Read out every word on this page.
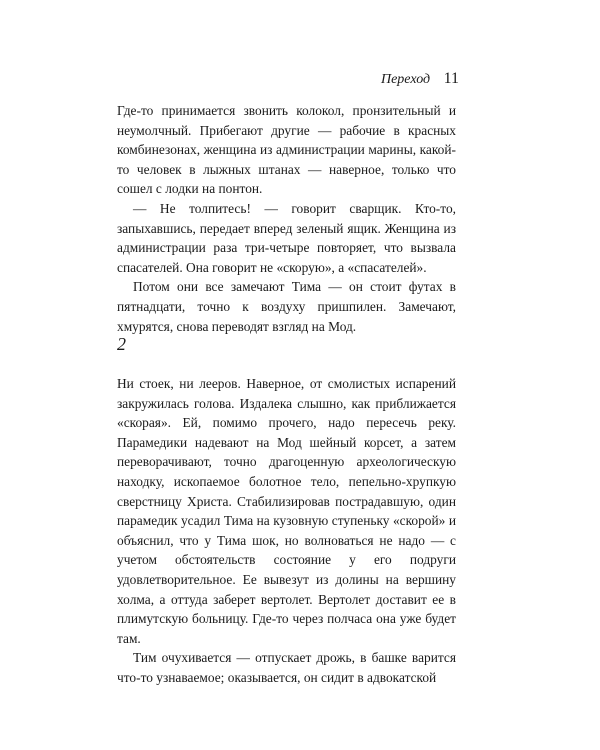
Переход 11

Где-то принимается звонить колокол, пронзительный и неумолчный. Прибегают другие — рабочие в красных комбинезонах, женщина из администрации марины, какой-то человек в лыжных штанах — наверное, только что сошел с лодки на понтон.

— Не толпитесь! — говорит сварщик. Кто-то, запыхавшись, передает вперед зеленый ящик. Женщина из администрации раза три-четыре повторяет, что вызвала спасателей. Она говорит не «скорую», а «спасателей».

Потом они все замечают Тима — он стоит футах в пятнадцати, точно к воздуху пришпилен. Замечают, хмурятся, снова переводят взгляд на Мод.

2

Ни стоек, ни лееров. Наверное, от смолистых испарений закружилась голова. Издалека слышно, как приближается «скорая». Ей, помимо прочего, надо пересечь реку. Парамедики надевают на Мод шейный корсет, а затем переворачивают, точно драгоценную археологическую находку, ископаемое болотное тело, пепельно-хрупкую сверстницу Христа. Стабилизировав пострадавшую, один парамедик усадил Тима на кузовную ступеньку «скорой» и объяснил, что у Тима шок, но волноваться не надо — с учетом обстоятельств состояние у его подруги удовлетворительное. Ее вывезут из долины на вершину холма, а оттуда заберет вертолет. Вертолет доставит ее в плимутскую больницу. Где-то через полчаса она уже будет там.

Тим очухивается — отпускает дрожь, в башке варится что-то узнаваемое; оказывается, он сидит в адвокатской
